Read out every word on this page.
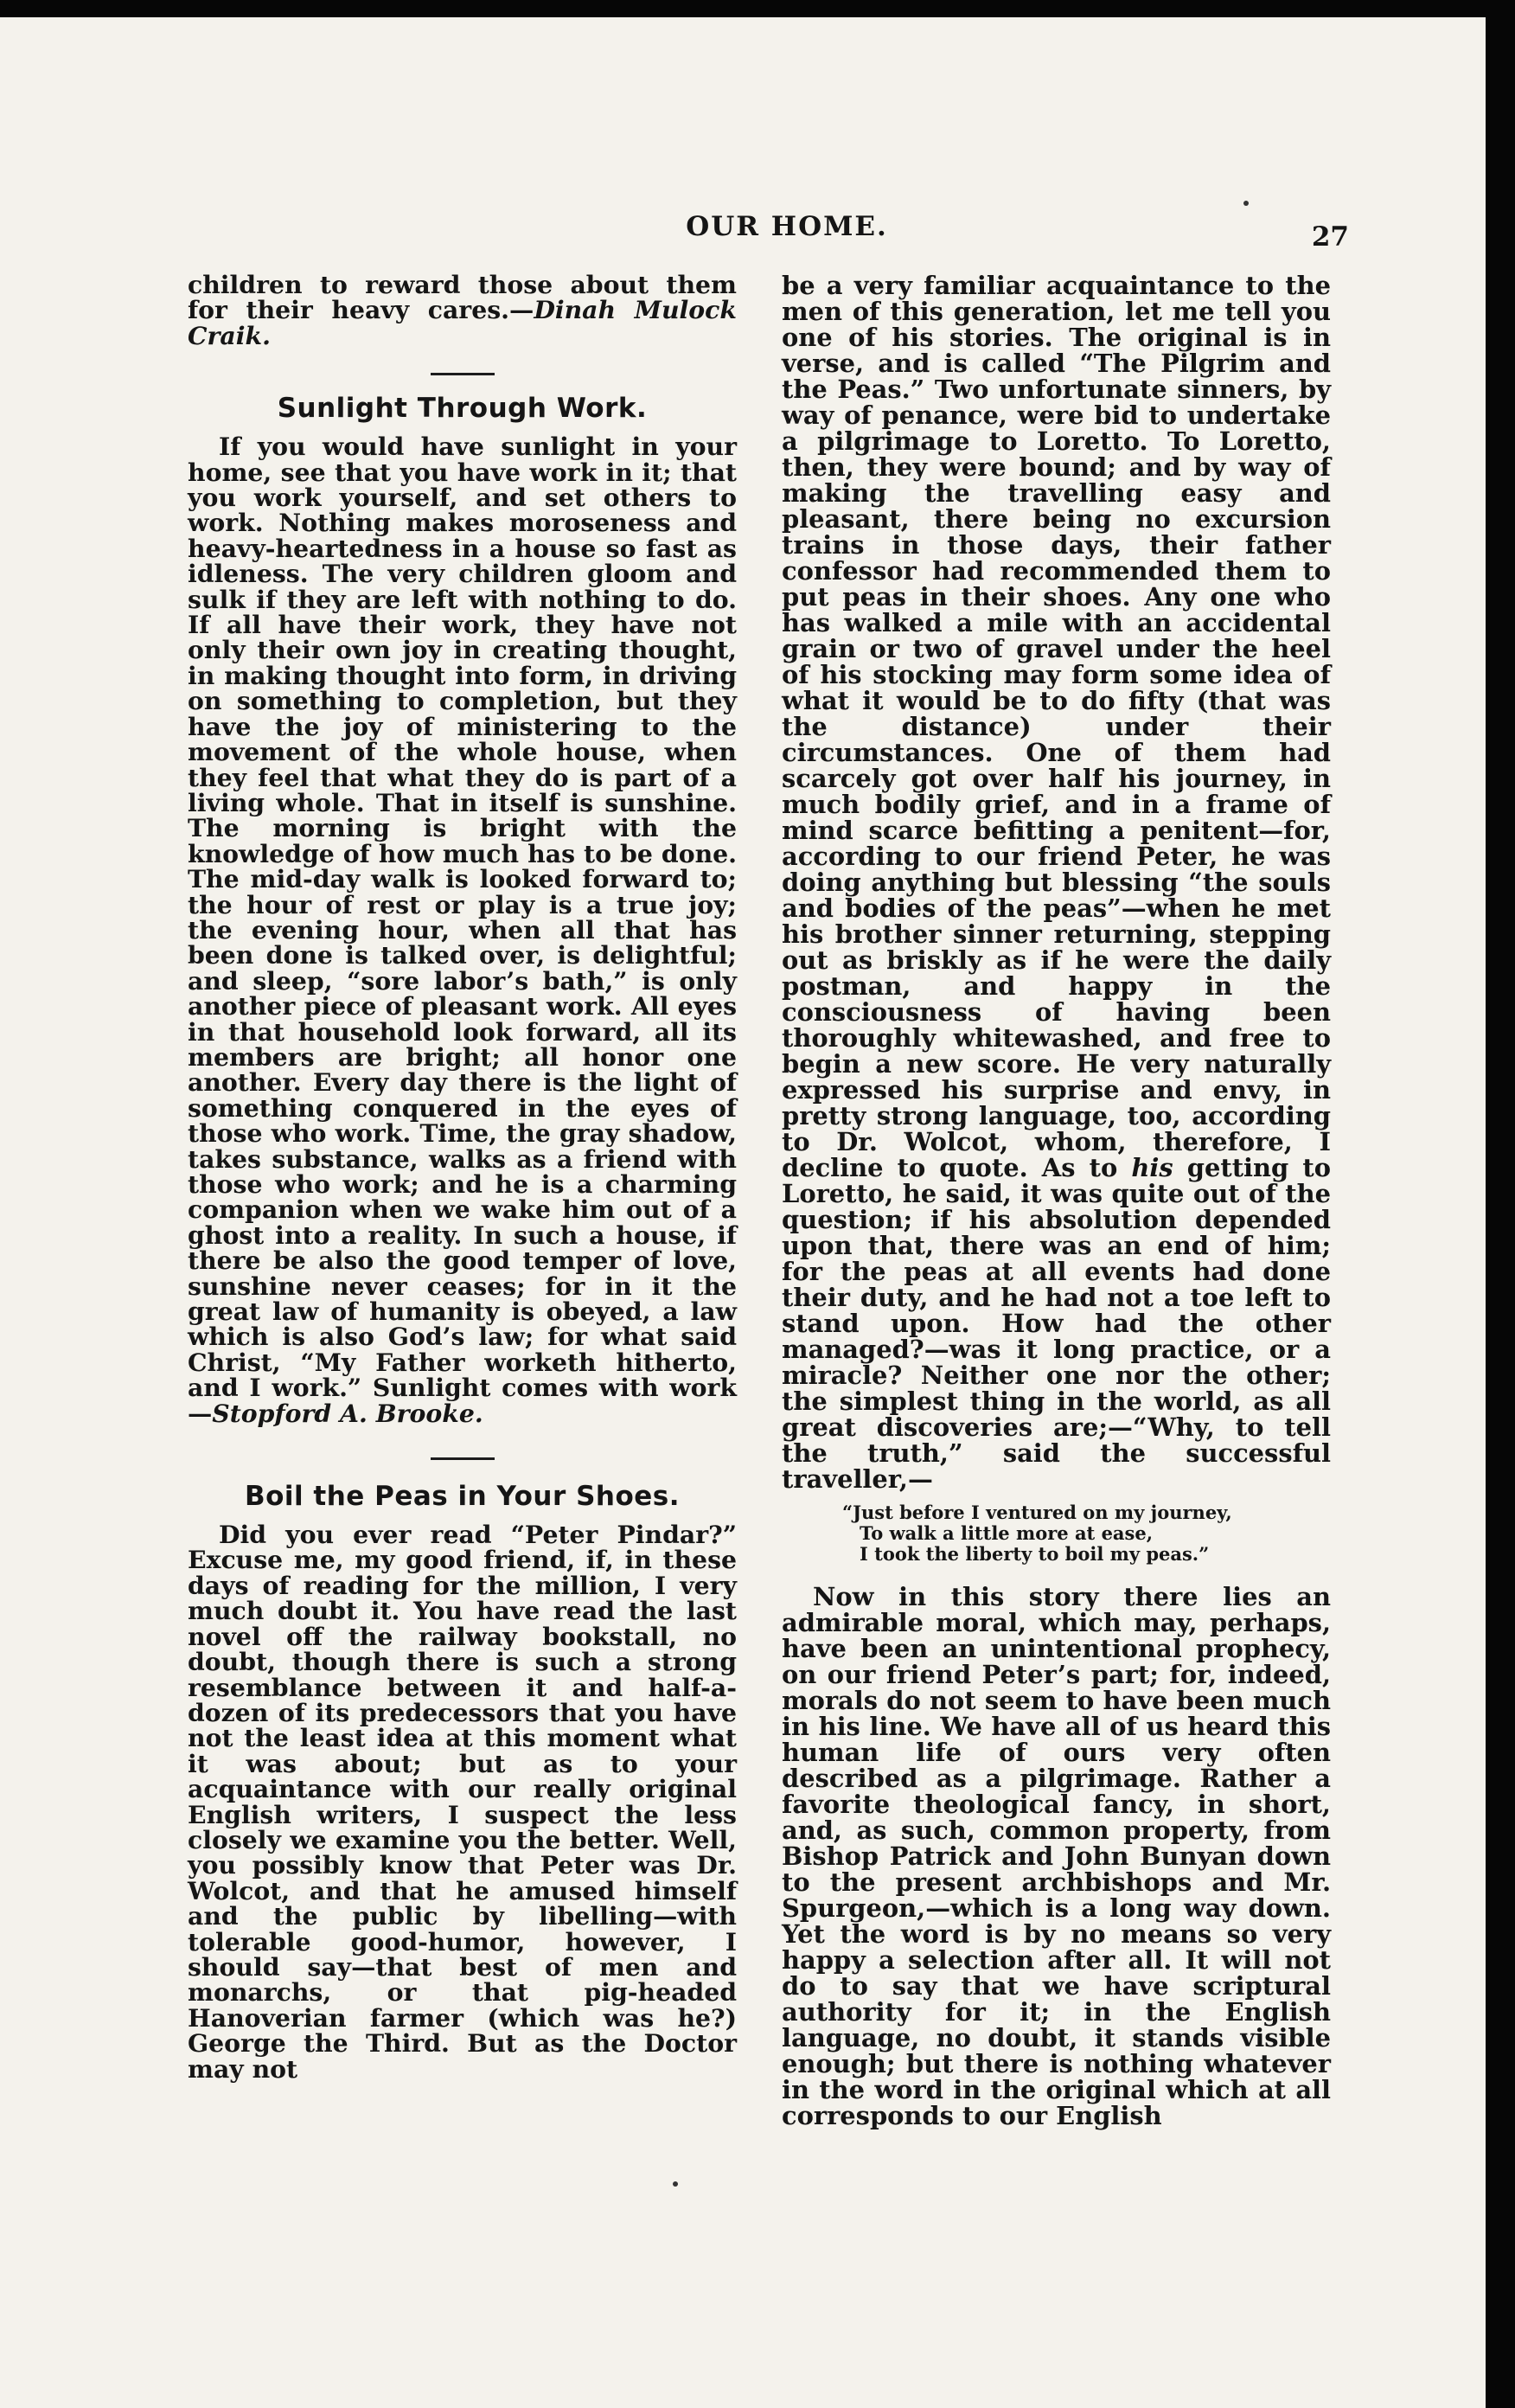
OUR HOME.	27

children to reward those about them for their heavy cares.—Dinah Mulock Craik.

Sunlight Through Work.

If you would have sunlight in your home, see that you have work in it; that you work yourself, and set others to work. Nothing makes moroseness and heavy-heartedness in a house so fast as idleness. The very children gloom and sulk if they are left with nothing to do. If all have their work, they have not only their own joy in creating thought, in making thought into form, in driving on something to completion, but they have the joy of ministering to the movement of the whole house, when they feel that what they do is part of a living whole. That in itself is sunshine. The morning is bright with the knowledge of how much has to be done. The mid-day walk is looked forward to; the hour of rest or play is a true joy; the evening hour, when all that has been done is talked over, is delightful; and sleep, “sore labor’s bath,” is only another piece of pleasant work. All eyes in that household look forward, all its members are bright; all honor one another. Every day there is the light of something conquered in the eyes of those who work. Time, the gray shadow, takes substance, walks as a friend with those who work; and he is a charming companion when we wake him out of a ghost into a reality. In such a house, if there be also the good temper of love, sunshine never ceases; for in it the great law of humanity is obeyed, a law which is also God’s law; for what said Christ, “My Father worketh hitherto, and I work.” Sunlight comes with work—Stopford A. Brooke.

Boil the Peas in Your Shoes.

Did you ever read “Peter Pindar?” Excuse me, my good friend, if, in these days of reading for the million, I very much doubt it. You have read the last novel off the railway bookstall, no doubt, though there is such a strong resemblance between it and half-a-dozen of its predecessors that you have not the least idea at this moment what it was about; but as to your acquaintance with our really original English writers, I suspect the less closely we examine you the better. Well, you possibly know that Peter was Dr. Wolcot, and that he amused himself and the public by libelling—with tolerable good-humor, however, I should say—that best of men and monarchs, or that pig-headed Hanoverian farmer (which was he?) George the Third. But as the Doctor may not

be a very familiar acquaintance to the men of this generation, let me tell you one of his stories. The original is in verse, and is called “The Pilgrim and the Peas.” Two unfortunate sinners, by way of penance, were bid to undertake a pilgrimage to Loretto. To Loretto, then, they were bound; and by way of making the travelling easy and pleasant, there being no excursion trains in those days, their father confessor had recommended them to put peas in their shoes. Any one who has walked a mile with an accidental grain or two of gravel under the heel of his stocking may form some idea of what it would be to do fifty (that was the distance) under their circumstances. One of them had scarcely got over half his journey, in much bodily grief, and in a frame of mind scarce befitting a penitent—for, according to our friend Peter, he was doing anything but blessing “the souls and bodies of the peas”—when he met his brother sinner returning, stepping out as briskly as if he were the daily postman, and happy in the consciousness of having been thoroughly whitewashed, and free to begin a new score. He very naturally expressed his surprise and envy, in pretty strong language, too, according to Dr. Wolcot, whom, therefore, I decline to quote. As to his getting to Loretto, he said, it was quite out of the question; if his absolution depended upon that, there was an end of him; for the peas at all events had done their duty, and he had not a toe left to stand upon. How had the other managed?—was it long practice, or a miracle? Neither one nor the other; the simplest thing in the world, as all great discoveries are;—“Why, to tell the truth,” said the successful traveller,—

“Just before I ventured on my journey,
To walk a little more at ease,
I took the liberty to boil my peas.”

Now in this story there lies an admirable moral, which may, perhaps, have been an unintentional prophecy, on our friend Peter’s part; for, indeed, morals do not seem to have been much in his line. We have all of us heard this human life of ours very often described as a pilgrimage. Rather a favorite theological fancy, in short, and, as such, common property, from Bishop Patrick and John Bunyan down to the present archbishops and Mr. Spurgeon,—which is a long way down. Yet the word is by no means so very happy a selection after all. It will not do to say that we have scriptural authority for it; in the English language, no doubt, it stands visible enough; but there is nothing whatever in the word in the original which at all corresponds to our English
